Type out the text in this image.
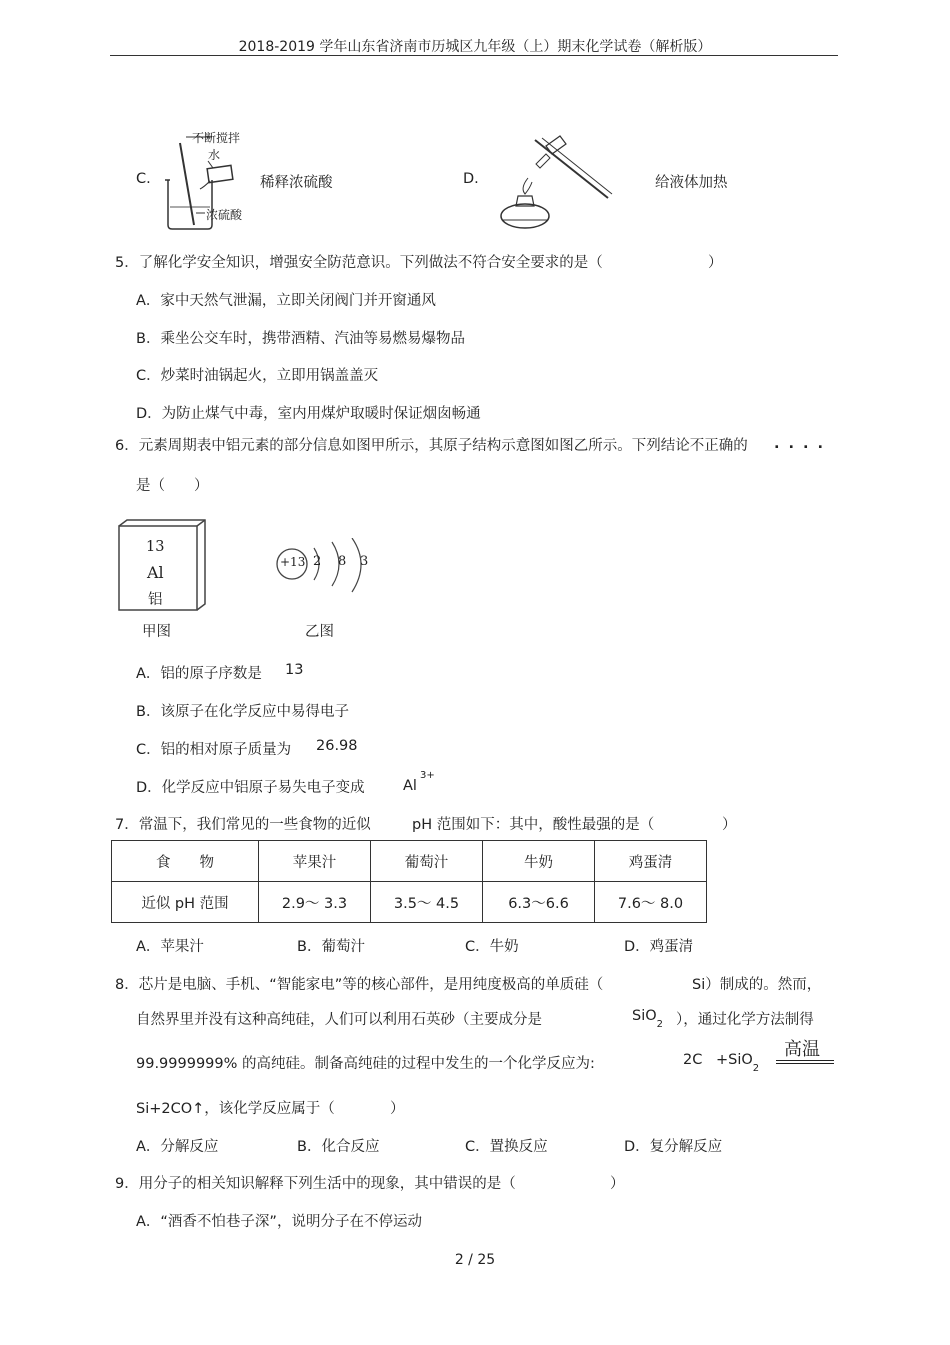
2018-2019 学年山东省济南市历城区九年级（上）期末化学试卷（解析版）
C.
不断搅拌
水
浓硫酸
稀释浓硫酸	D.	给液体加热
5．了解化学安全知识，增强安全防范意识。下列做法不符合安全要求的是（	）
A．家中天然气泄漏，立即关闭阀门并开窗通风
B．乘坐公交车时，携带酒精、汽油等易燃易爆物品
C．炒菜时油锅起火，立即用锅盖盖灭
D．为防止煤气中毒，室内用煤炉取暖时保证烟囱畅通
6．元素周期表中铝元素的部分信息如图甲所示，其原子结构示意图如图乙所示。下列结论不正确的 ....
是（　　）
13
Al
铝
甲图
+13 2 8 3
乙图
A．铝的原子序数是 13
B．该原子在化学反应中易得电子
C．铝的相对原子质量为 26.98
D．化学反应中铝原子易失电子变成	$Al^{3+}$
7．常温下，我们常见的一些食物的近似	pH 范围如下：其中，酸性最强的是（	）
食　　物	苹果汁	葡萄汁	牛奶	鸡蛋清
近似 pH 范围	2.9～ 3.3	3.5～ 4.5	6.3～6.6	7.6～ 8.0
A．苹果汁	B．葡萄汁	C．牛奶	D．鸡蛋清
8．芯片是电脑、手机、“智能家电”等的核心部件，是用纯度极高的单质硅（	Si）制成的。然而，
自然界里并没有这种高纯硅，人们可以利用石英砂（主要成分是	SiO$_2$ ），通过化学方法制得
99.9999999% 的高纯硅。制备高纯硅的过程中发生的一个化学反应为:	2C +SiO$_2$
高温
Si+2CO↑，该化学反应属于（	）
A．分解反应	B．化合反应	C．置换反应	D．复分解反应
9．用分子的相关知识解释下列生活中的现象，其中错误的是（	）
A．“酒香不怕巷子深”，说明分子在不停运动
2 / 25
